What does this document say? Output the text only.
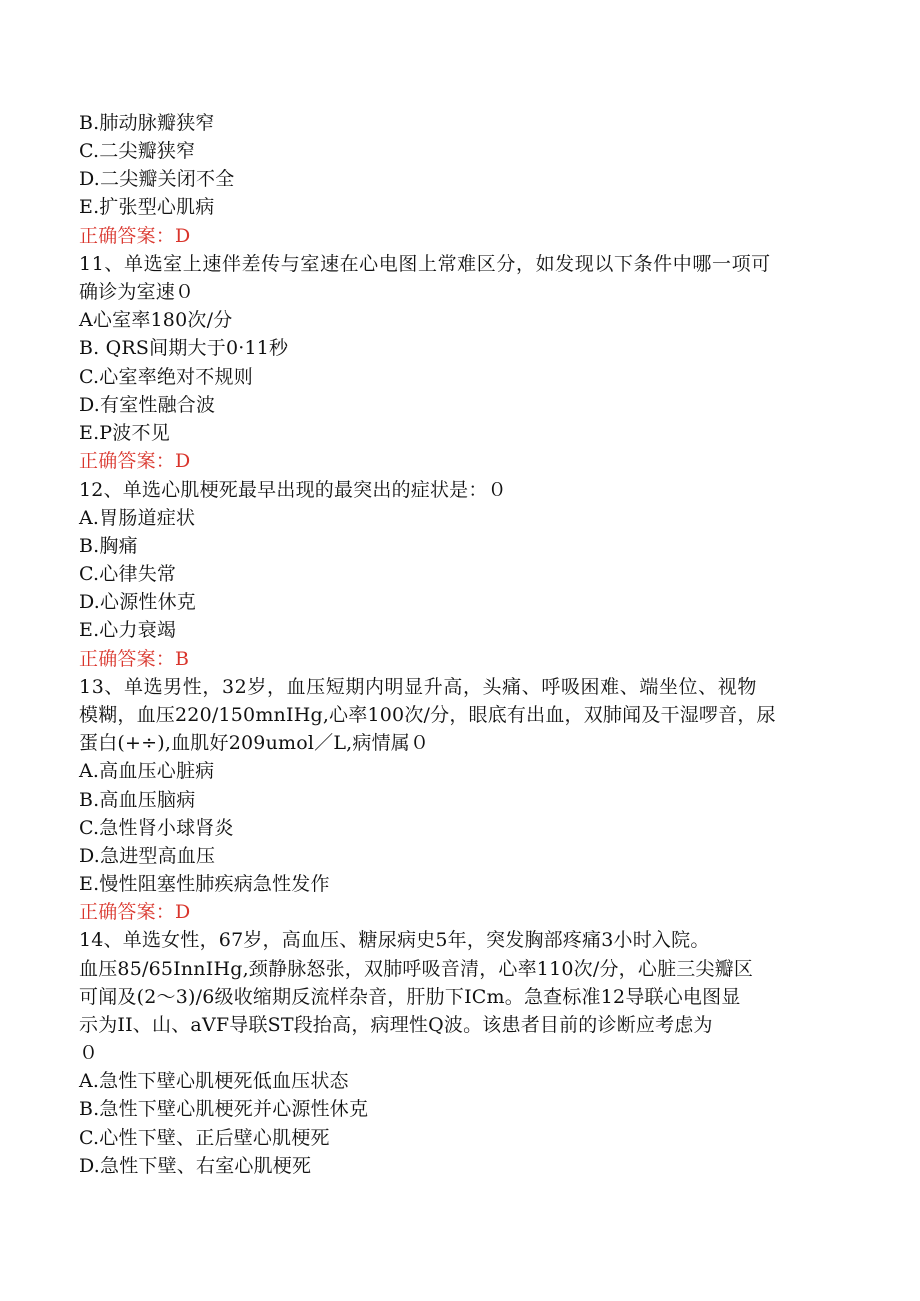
B.肺动脉瓣狭窄
C.二尖瓣狭窄
D.二尖瓣关闭不全
E.扩张型心肌病
正确答案：D
11、单选室上速伴差传与室速在心电图上常难区分，如发现以下条件中哪一项可
确诊为室速０
A心室率180次/分
B. QRS间期大于0·11秒
C.心室率绝对不规则
D.有室性融合波
E.P波不见
正确答案：D
12、单选心肌梗死最早出现的最突出的症状是：０
A.胃肠道症状
B.胸痛
C.心律失常
D.心源性休克
E.心力衰竭
正确答案：B
13、单选男性，32岁，血压短期内明显升高，头痛、呼吸困难、端坐位、视物
模糊，血压220/150mnIHg,心率100次/分，眼底有出血，双肺闻及干湿啰音，尿
蛋白(+÷),血肌好209umol／L,病情属０
A.高血压心脏病
B.高血压脑病
C.急性肾小球肾炎
D.急进型高血压
E.慢性阻塞性肺疾病急性发作
正确答案：D
14、单选女性，67岁，高血压、糖尿病史5年，突发胸部疼痛3小时入院。
血压85/65InnIHg,颈静脉怒张，双肺呼吸音清，心率110次/分，心脏三尖瓣区
可闻及(2～3)/6级收缩期反流样杂音，肝肋下ICm。急查标准12导联心电图显
示为II、山、aVF导联ST段抬高，病理性Q波。该患者目前的诊断应考虑为
０
A.急性下壁心肌梗死低血压状态
B.急性下壁心肌梗死并心源性休克
C.心性下壁、正后壁心肌梗死
D.急性下壁、右室心肌梗死
